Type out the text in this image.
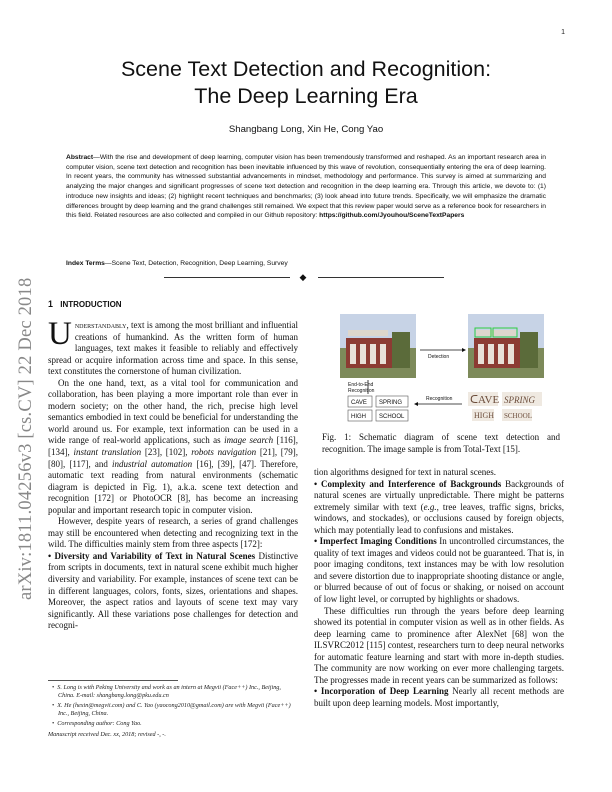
1
arXiv:1811.04256v3 [cs.CV] 22 Dec 2018
Scene Text Detection and Recognition:
The Deep Learning Era
Shangbang Long, Xin He, Cong Yao
Abstract—With the rise and development of deep learning, computer vision has been tremendously transformed and reshaped. As an important research area in computer vision, scene text detection and recognition has been inevitable influenced by this wave of revolution, consequentially entering the era of deep learning. In recent years, the community has witnessed substantial advancements in mindset, methodology and performance. This survey is aimed at summarizing and analyzing the major changes and significant progresses of scene text detection and recognition in the deep learning era. Through this article, we devote to: (1) introduce new insights and ideas; (2) highlight recent techniques and benchmarks; (3) look ahead into future trends. Specifically, we will emphasize the dramatic differences brought by deep learning and the grand challenges still remained. We expect that this review paper would serve as a reference book for researchers in this field. Related resources are also collected and compiled in our Github repository: https://github.com/Jyouhou/SceneTextPapers
Index Terms—Scene Text, Detection, Recognition, Deep Learning, Survey
◆
1 INTRODUCTION

Understandably, text is among the most brilliant and influential creations of humankind. As the written form of human languages, text makes it feasible to reliably and effectively spread or acquire information across time and space. In this sense, text constitutes the cornerstone of human civilization.

On the one hand, text, as a vital tool for communication and collaboration, has been playing a more important role than ever in modern society; on the other hand, the rich, precise high level semantics embodied in text could be beneficial for understanding the world around us. For example, text information can be used in a wide range of real-world applications, such as image search [116], [134], instant translation [23], [102], robots navigation [21], [79], [80], [117], and industrial automation [16], [39], [47]. Therefore, automatic text reading from natural environments (schematic diagram is depicted in Fig. 1), a.k.a. scene text detection and recognition [172] or PhotoOCR [8], has become an increasing popular and important research topic in computer vision.

However, despite years of research, a series of grand challenges may still be encountered when detecting and recognizing text in the wild. The difficulties mainly stem from three aspects [172]:

• Diversity and Variability of Text in Natural Scenes Distinctive from scripts in documents, text in natural scene exhibit much higher diversity and variability. For example, instances of scene text can be in different languages, colors, fonts, sizes, orientations and shapes. Moreover, the aspect ratios and layouts of scene text may vary significantly. All these variations pose challenges for detection and recogni-

•  S. Long is with Peking University and work as an intern at Megvii (Face++) Inc., Beijing, China. E-mail: shangbang.long@pku.edu.cn

•  X. He (hexin@megvii.com) and C. Yao (yaocong2010@gmail.com) are with Megvii (Face++) Inc., Beijing, China.

•  Corresponding author: Cong Yao.

Manuscript received Dec. xx, 2018; revised -, -.

Detection
End-to-End
Recognition
CAVE SPRING
HIGH SCHOOL
Recognition ᑕAVE SPRING
HIGH SCHOOL
Fig. 1: Schematic diagram of scene text detection and recognition. The image sample is from Total-Text [15].

tion algorithms designed for text in natural scenes.

• Complexity and Interference of Backgrounds Backgrounds of natural scenes are virtually unpredictable. There might be patterns extremely similar with text (e.g., tree leaves, traffic signs, bricks, windows, and stockades), or occlusions caused by foreign objects, which may potentially lead to confusions and mistakes.

• Imperfect Imaging Conditions In uncontrolled circumstances, the quality of text images and videos could not be guaranteed. That is, in poor imaging conditons, text instances may be with low resolution and severe distortion due to inappropriate shooting distance or angle, or blurred because of out of focus or shaking, or noised on account of low light level, or corrupted by highlights or shadows.

These difficulties run through the years before deep learning showed its potential in computer vision as well as in other fields. As deep learning came to prominence after AlexNet [68] won the ILSVRC2012 [115] contest, researchers turn to deep neural networks for automatic feature learning and start with more in-depth studies. The community are now working on ever more challenging targets. The progresses made in recent years can be summarized as follows:

• Incorporation of Deep Learning Nearly all recent methods are built upon deep learning models. Most importantly,
